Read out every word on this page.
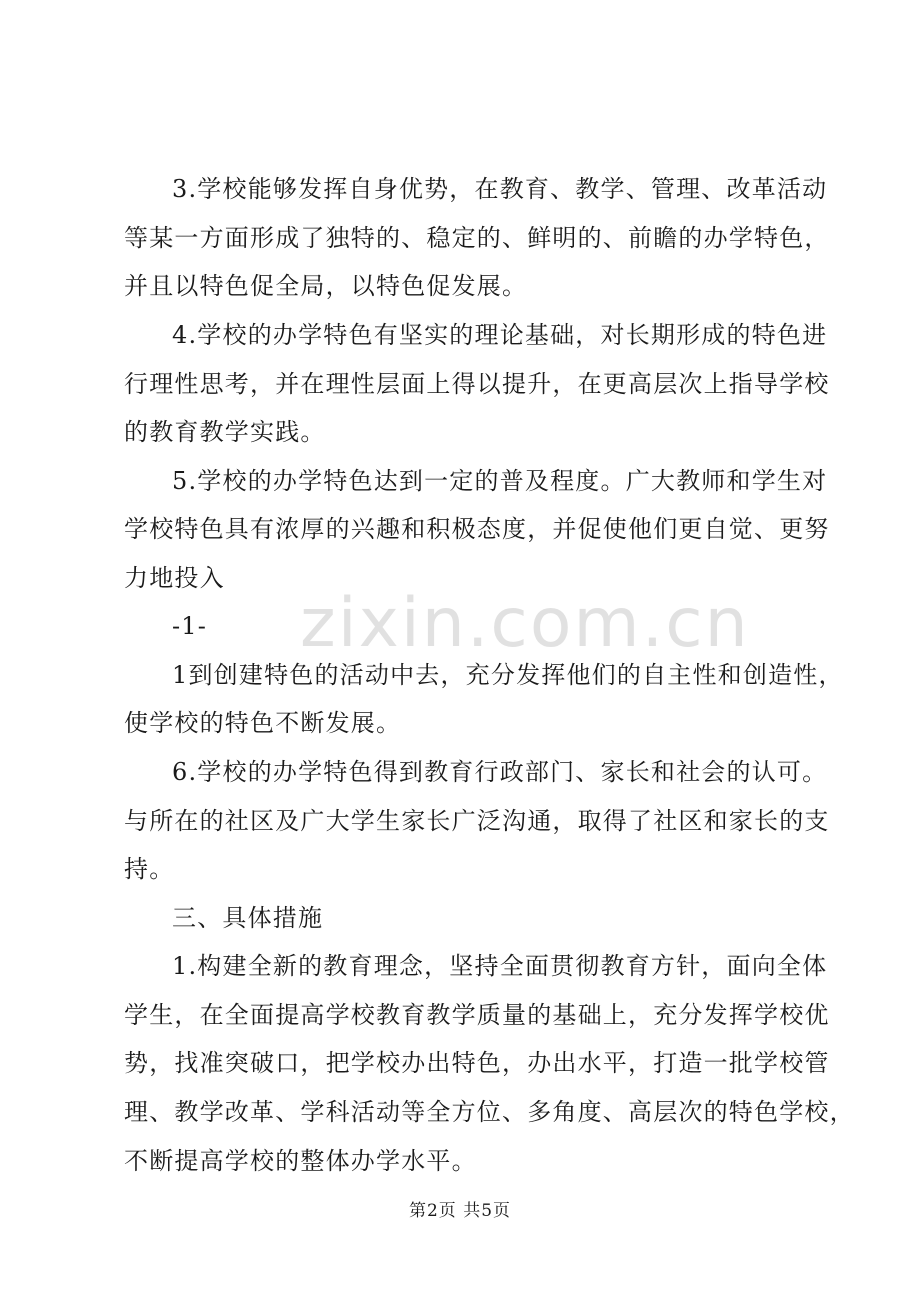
zixin.com.cn
3.学校能够发挥自身优势，在教育、教学、管理、改革活动
等某一方面形成了独特的、稳定的、鲜明的、前瞻的办学特色，
并且以特色促全局，以特色促发展。
4.学校的办学特色有坚实的理论基础，对长期形成的特色进
行理性思考，并在理性层面上得以提升，在更高层次上指导学校
的教育教学实践。
5.学校的办学特色达到一定的普及程度。广大教师和学生对
学校特色具有浓厚的兴趣和积极态度，并促使他们更自觉、更努
力地投入
-1-
1到创建特色的活动中去，充分发挥他们的自主性和创造性，
使学校的特色不断发展。
6.学校的办学特色得到教育行政部门、家长和社会的认可。
与所在的社区及广大学生家长广泛沟通，取得了社区和家长的支
持。
三、具体措施
1.构建全新的教育理念，坚持全面贯彻教育方针，面向全体
学生，在全面提高学校教育教学质量的基础上，充分发挥学校优
势，找准突破口，把学校办出特色，办出水平，打造一批学校管
理、教学改革、学科活动等全方位、多角度、高层次的特色学校，
不断提高学校的整体办学水平。
第2页 共5页
